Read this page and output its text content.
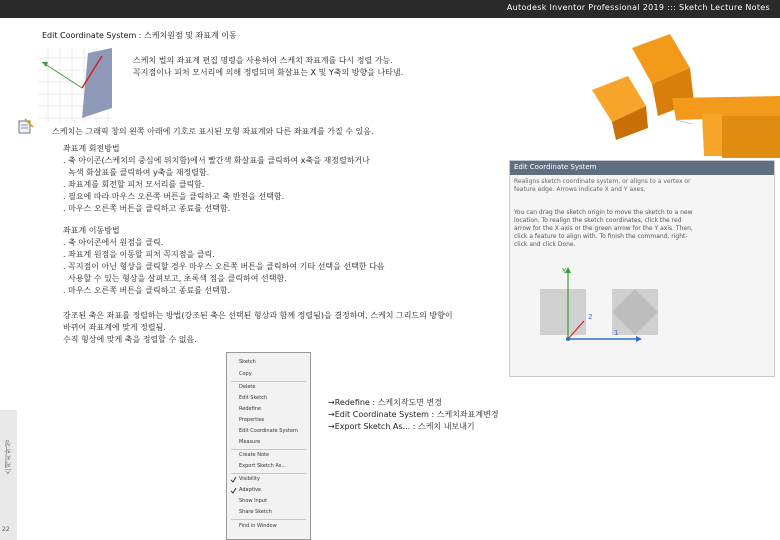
Autodesk Inventor Professional 2019 ::: Sketch Lecture Notes
Edit Coordinate System : 스케치원점 및 좌표계 이동
스케치 법의 좌표계 편집 명령을 사용하여 스케치 좌표계를 다시 정렬 가능.
꼭지점이나 피처 모서리에 의해 정렬되며 화살표는 X 및 Y축의 방향을 나타냄.
스케치는 그래픽 창의 왼쪽 아래에 기호로 표시된 모형 좌표계와 다른 좌표계를 가질 수 있음.
좌표계 회전방법
. 축 아이콘(스케치의 중심에 위치함)에서 빨간색 화살표를 클릭하여 x축을 재정렬하거나
녹색 화살표를 클릭하여 y축을 재정렬함.
. 좌표계를 회전할 피처 모서리를 클릭함.
. 필요에 따라 마우스 오른쪽 버튼을 클릭하고 축 반전을 선택함.
. 마우스 오른쪽 버튼을 클릭하고 종료를 선택함.
좌표계 이동방법
. 축 아이콘에서 원점을 클릭.
. 좌표계 원점을 이동할 피처 꼭지점을 클릭.
. 꼭지점이 아닌 형상을 클릭할 경우 마우스 오른쪽 버튼을 클릭하여 기타 선택을 선택한 다음
사용할 수 있는 형상을 살펴보고, 초록색 점을 클릭하여 선택함.
. 마우스 오른쪽 버튼을 클릭하고 종료를 선택함.
강조된 축은 좌표를 정렬하는 방법(강조된 축은 선택된 형상과 함께 정렬됨)을 결정하며, 스케치 그리드의 방향이
바뀌어 좌표계에 맞게 정렬됨.
수직 형상에 맞게 축을 정렬할 수 없음.
Edit Coordinate System
Realigns sketch coordinate system, or aligns to a vertex or
feature edge. Arrows indicate X and Y axes.
You can drag the sketch origin to move the sketch to a new
location. To realign the sketch coordinates, click the red
arrow for the X axis or the green arrow for the Y axis. Then,
click a feature to align with. To finish the command, right-
click and click Done.
Y
2
1
Sketch
Copy
Delete
Edit Sketch
Redefine
Properties
Edit Coordinate System
Measure
Create Note
Export Sketch As...
Visibility
Adaptive
Show Input
Share Sketch
Find in Window
→Redefine : 스케치작도면 변경
→Edit Coordinate System : 스케치좌표계변경
→Export Sketch As... : 스케치 내보내기
스케치작성
22
